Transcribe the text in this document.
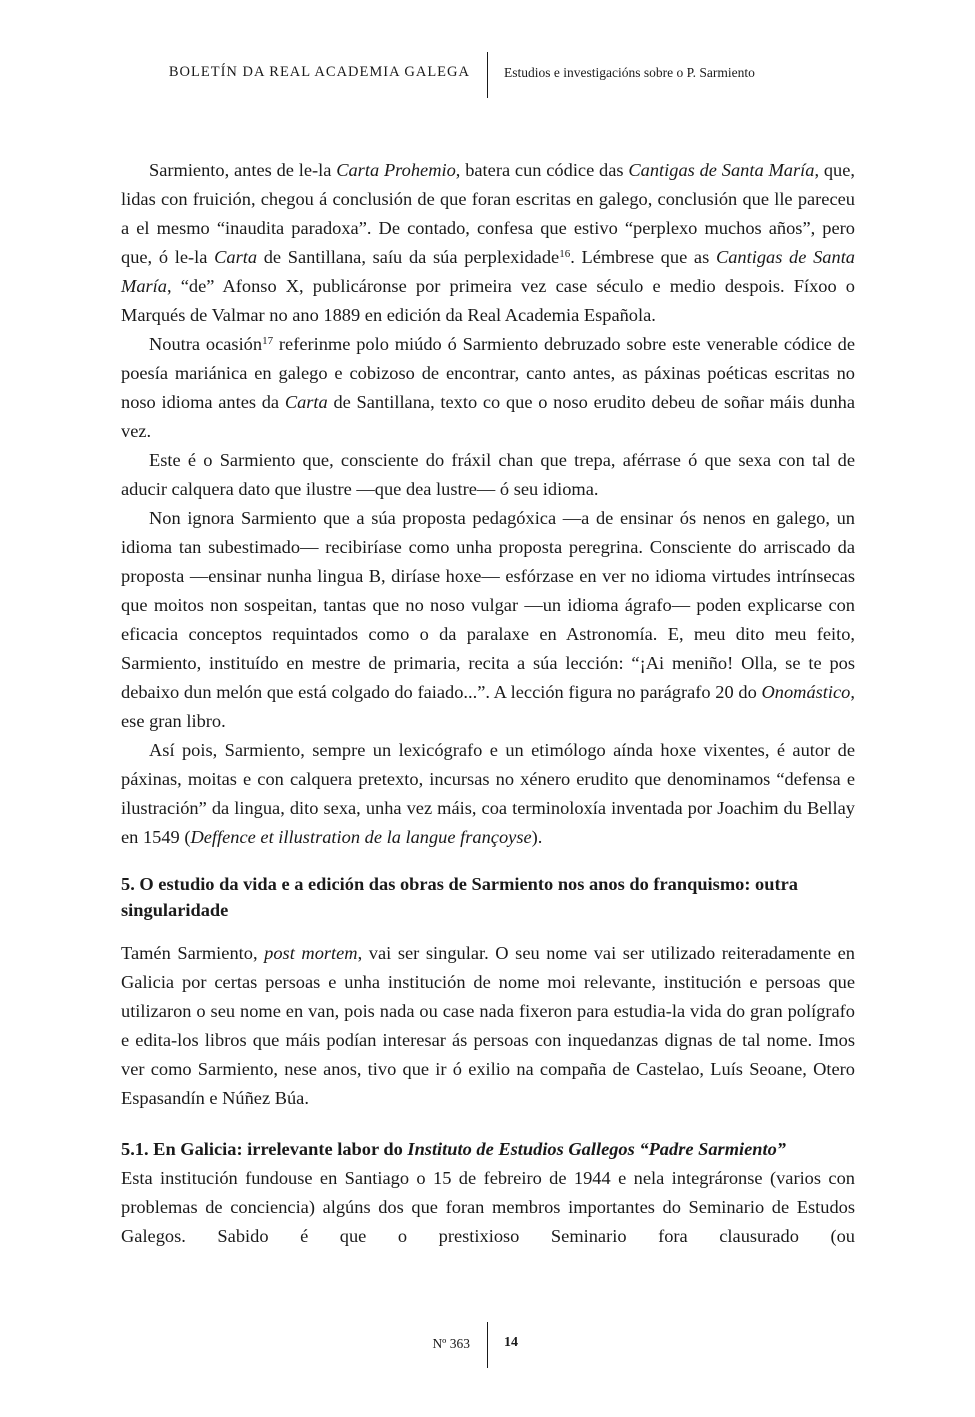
BOLETÍN DA REAL ACADEMIA GALEGA	Estudios e investigacións sobre o P. Sarmiento

Sarmiento, antes de le-la Carta Prohemio, batera cun códice das Cantigas de Santa María, que, lidas con fruición, chegou á conclusión de que foran escritas en galego, conclusión que lle pareceu a el mesmo “inaudita paradoxa”. De contado, confesa que estivo “perplexo muchos años”, pero que, ó le-la Carta de Santillana, saíu da súa perplexidade$^{16}$. Lémbrese que as Cantigas de Santa María, “de” Afonso X, publicáronse por primeira vez case século e medio despois. Fíxoo o Marqués de Valmar no ano 1889 en edición da Real Academia Española.

Noutra ocasión$^{17}$ referinme polo miúdo ó Sarmiento debruzado sobre este venerable códice de poesía mariánica en galego e cobizoso de encontrar, canto antes, as páxinas poéticas escritas no noso idioma antes da Carta de Santillana, texto co que o noso erudito debeu de soñar máis dunha vez.

Este é o Sarmiento que, consciente do fráxil chan que trepa, aférrase ó que sexa con tal de aducir calquera dato que ilustre —que dea lustre— ó seu idioma.

Non ignora Sarmiento que a súa proposta pedagóxica —a de ensinar ós nenos en galego, un idioma tan subestimado— recibiríase como unha proposta peregrina. Consciente do arriscado da proposta —ensinar nunha lingua B, diríase hoxe— esfórzase en ver no idioma virtudes intrínsecas que moitos non sospeitan, tantas que no noso vulgar —un idioma ágrafo— poden explicarse con eficacia conceptos requintados como o da paralaxe en Astronomía. E, meu dito meu feito, Sarmiento, instituído en mestre de primaria, recita a súa lección: “¡Ai meniño! Olla, se te pos debaixo dun melón que está colgado do faiado...”. A lección figura no parágrafo 20 do Onomástico, ese gran libro.

Así pois, Sarmiento, sempre un lexicógrafo e un etimólogo aínda hoxe vixentes, é autor de páxinas, moitas e con calquera pretexto, incursas no xénero erudito que denominamos “defensa e ilustración” da lingua, dito sexa, unha vez máis, coa terminoloxía inventada por Joachim du Bellay en 1549 (Deffence et illustration de la langue françoyse).

5. O estudio da vida e a edición das obras de Sarmiento nos anos do franquismo: outra singularidade

Tamén Sarmiento, post mortem, vai ser singular. O seu nome vai ser utilizado reiteradamente en Galicia por certas persoas e unha institución de nome moi relevante, institución e persoas que utilizaron o seu nome en van, pois nada ou case nada fixeron para estudia-la vida do gran polígrafo e edita-los libros que máis podían interesar ás persoas con inquedanzas dignas de tal nome. Imos ver como Sarmiento, nese anos, tivo que ir ó exilio na compaña de Castelao, Luís Seoane, Otero Espasandín e Núñez Búa.

5.1. En Galicia: irrelevante labor do Instituto de Estudios Gallegos “Padre Sarmiento”

Esta institución fundouse en Santiago o 15 de febreiro de 1944 e nela integráronse (varios con problemas de conciencia) algúns dos que foran membros importantes do Seminario de Estudos Galegos. Sabido é que o prestixioso Seminario fora clausurado (ou

Nº 363 14
